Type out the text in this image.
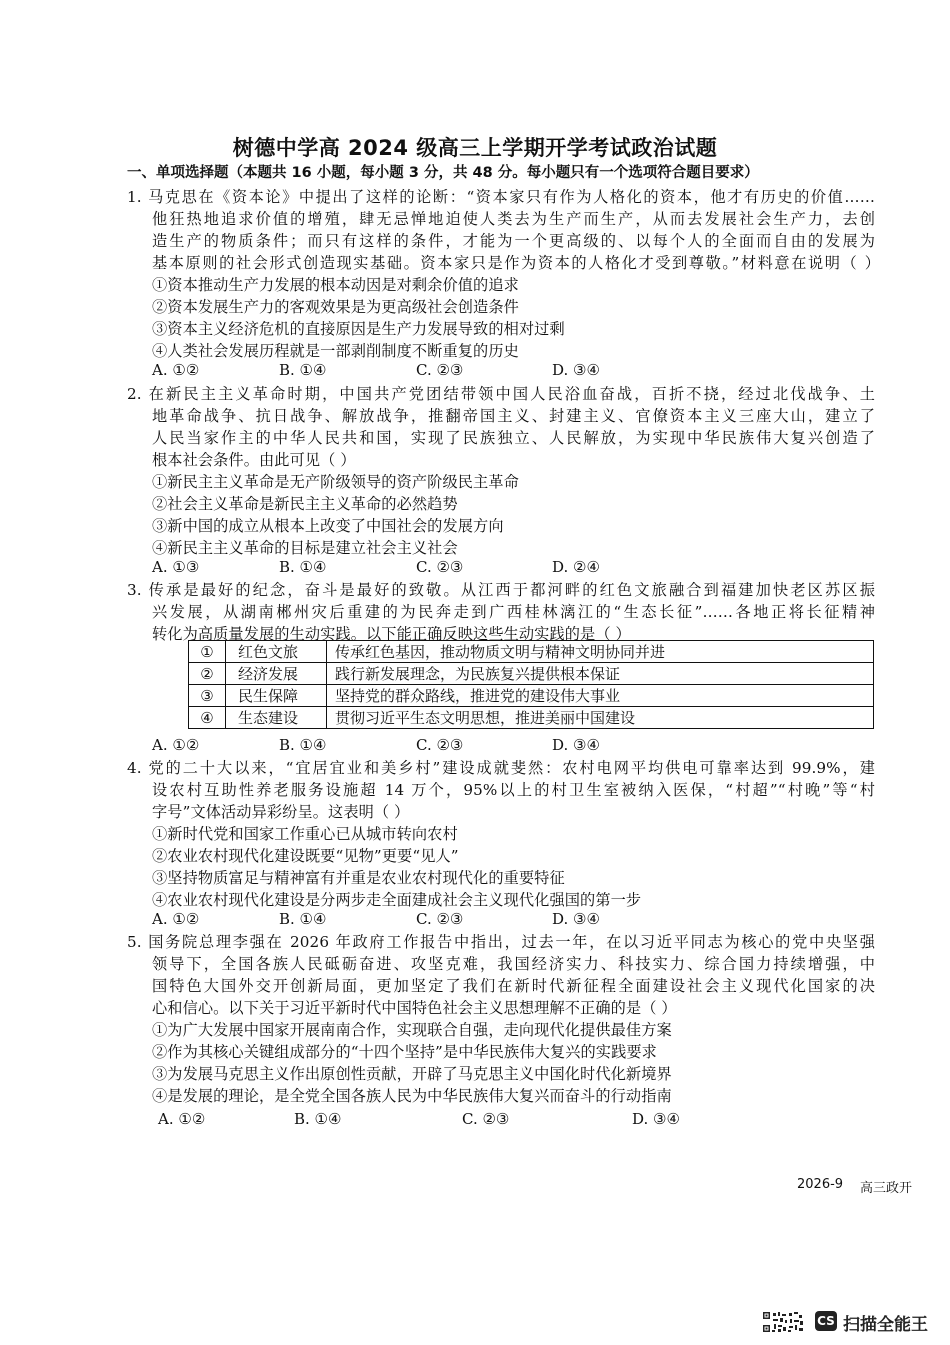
树德中学高 2024 级高三上学期开学考试政治试题
一、单项选择题（本题共 16 小题，每小题 3 分，共 48 分。每小题只有一个选项符合题目要求）
1. 马克思在《资本论》中提出了这样的论断：“资本家只有作为人格化的资本，他才有历史的价值……
他狂热地追求价值的增殖，肆无忌惮地迫使人类去为生产而生产，从而去发展社会生产力，去创
造生产的物质条件；而只有这样的条件，才能为一个更高级的、以每个人的全面而自由的发展为
基本原则的社会形式创造现实基础。资本家只是作为资本的人格化才受到尊敬。”材料意在说明（ ）
①资本推动生产力发展的根本动因是对剩余价值的追求
②资本发展生产力的客观效果是为更高级社会创造条件
③资本主义经济危机的直接原因是生产力发展导致的相对过剩
④人类社会发展历程就是一部剥削制度不断重复的历史
A. ①②	B. ①④	C. ②③	D. ③④
2. 在新民主主义革命时期，中国共产党团结带领中国人民浴血奋战，百折不挠，经过北伐战争、土
地革命战争、抗日战争、解放战争，推翻帝国主义、封建主义、官僚资本主义三座大山，建立了
人民当家作主的中华人民共和国，实现了民族独立、人民解放，为实现中华民族伟大复兴创造了
根本社会条件。由此可见（ ）
①新民主主义革命是无产阶级领导的资产阶级民主革命
②社会主义革命是新民主主义革命的必然趋势
③新中国的成立从根本上改变了中国社会的发展方向
④新民主主义革命的目标是建立社会主义社会
A. ①③	B. ①④	C. ②③	D. ②④
3. 传承是最好的纪念，奋斗是最好的致敬。从江西于都河畔的红色文旅融合到福建加快老区苏区振
兴发展，从湖南郴州灾后重建的为民奔走到广西桂林漓江的“生态长征”……各地正将长征精神
转化为高质量发展的生动实践。以下能正确反映这些生动实践的是（ ）
①	红色文旅	传承红色基因，推动物质文明与精神文明协同并进
②	经济发展	践行新发展理念，为民族复兴提供根本保证
③	民生保障	坚持党的群众路线，推进党的建设伟大事业
④	生态建设	贯彻习近平生态文明思想，推进美丽中国建设
A. ①②	B. ①④	C. ②③	D. ③④
4. 党的二十大以来，“宜居宜业和美乡村”建设成就斐然：农村电网平均供电可靠率达到 99.9%，建
设农村互助性养老服务设施超 14 万个，95%以上的村卫生室被纳入医保，“村超”“村晚”等“村
字号”文体活动异彩纷呈。这表明（ ）
①新时代党和国家工作重心已从城市转向农村
②农业农村现代化建设既要“见物”更要“见人”
③坚持物质富足与精神富有并重是农业农村现代化的重要特征
④农业农村现代化建设是分两步走全面建成社会主义现代化强国的第一步
A. ①②	B. ①④	C. ②③	D. ③④
5. 国务院总理李强在 2026 年政府工作报告中指出，过去一年，在以习近平同志为核心的党中央坚强
领导下，全国各族人民砥砺奋进、攻坚克难，我国经济实力、科技实力、综合国力持续增强，中
国特色大国外交开创新局面，更加坚定了我们在新时代新征程全面建设社会主义现代化国家的决
心和信心。以下关于习近平新时代中国特色社会主义思想理解不正确的是（ ）
①为广大发展中国家开展南南合作，实现联合自强，走向现代化提供最佳方案
②作为其核心关键组成部分的“十四个坚持”是中华民族伟大复兴的实践要求
③为发展马克思主义作出原创性贡献，开辟了马克思主义中国化时代化新境界
④是发展的理论，是全党全国各族人民为中华民族伟大复兴而奋斗的行动指南
A. ①②	B. ①④	C. ②③	D. ③④
2026-9 高三政开
CS 扫描全能王
